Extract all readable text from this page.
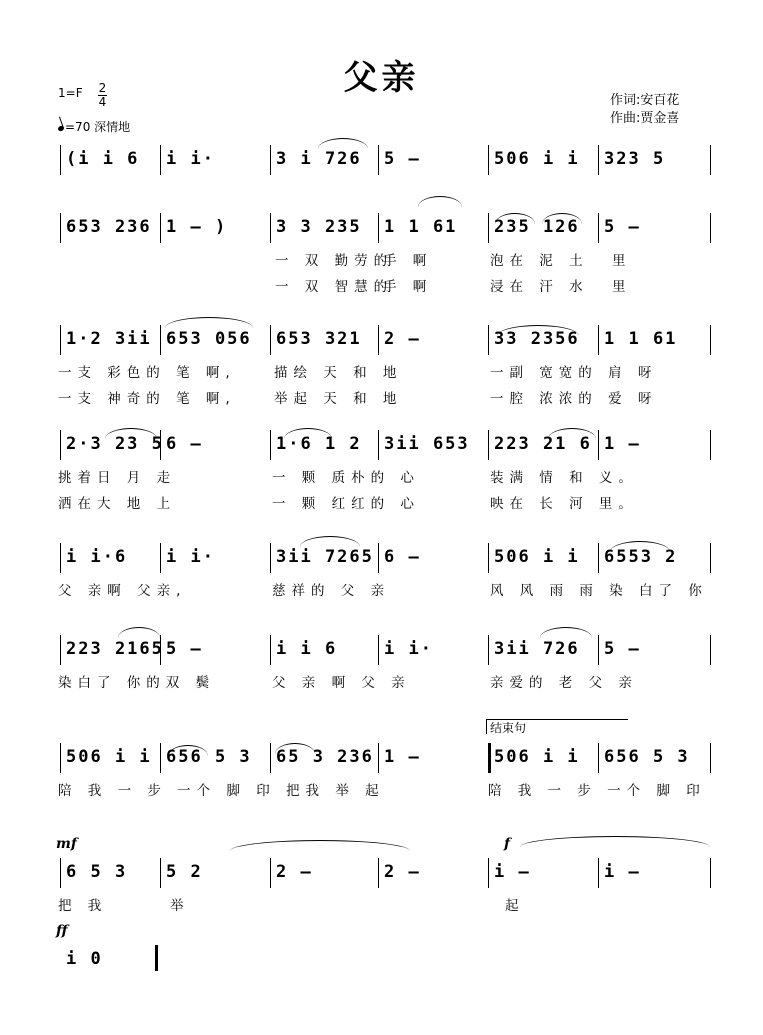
父亲
1=F 2
4
=70 深情地
作词:安百花
作曲:贾金喜
(i i 6 i i·	3 i 726 5 –	506 i i 323 5
653 236 1 – )	3 3 235 1 1 61 235 126 5 –
一 双 勤劳的
手 啊	泡在 泥 土 里
一 双 智慧的
手 啊	浸在 汗 水 里
1·2 3ii 653 056 653 321 2 –	33 2356 1 1 61
一支 彩色的 笔 啊,	描绘 天 和 地	一副 宽宽的 肩 呀
一支 神奇的 笔 啊,	举起 天 和 地	一腔 浓浓的 爱 呀
2·3 23 5 6 –	1·6 1 2 3ii 653 223 21 6 1 –
挑着日 月 走	一 颗 质朴的 心	装满 情 和 义。
洒在大 地 上	一 颗 红红的 心	映在 长 河 里。
i i·6 i i·	3ii 7265 6 –	506 i i 6553 2
父 亲啊 父亲,	慈祥的 父 亲	风 风 雨 雨 染 白了 你
223 2165 5 –	i i 6	i i·	3ii 726 5 –
染白了 你的双 鬓	父 亲 啊 父 亲	亲爱的 老 父 亲
506 i i 656 5 3 65 3 236 1 –	506 i i 656 5 3
陪 我 一 步 一个 脚 印 把我 举 起	陪 我 一 步 一个 脚 印
结束句
6 5 3 5 2	2 –	2 –	i –	i –
把 我	举	起
mf	f
i 0
ff
